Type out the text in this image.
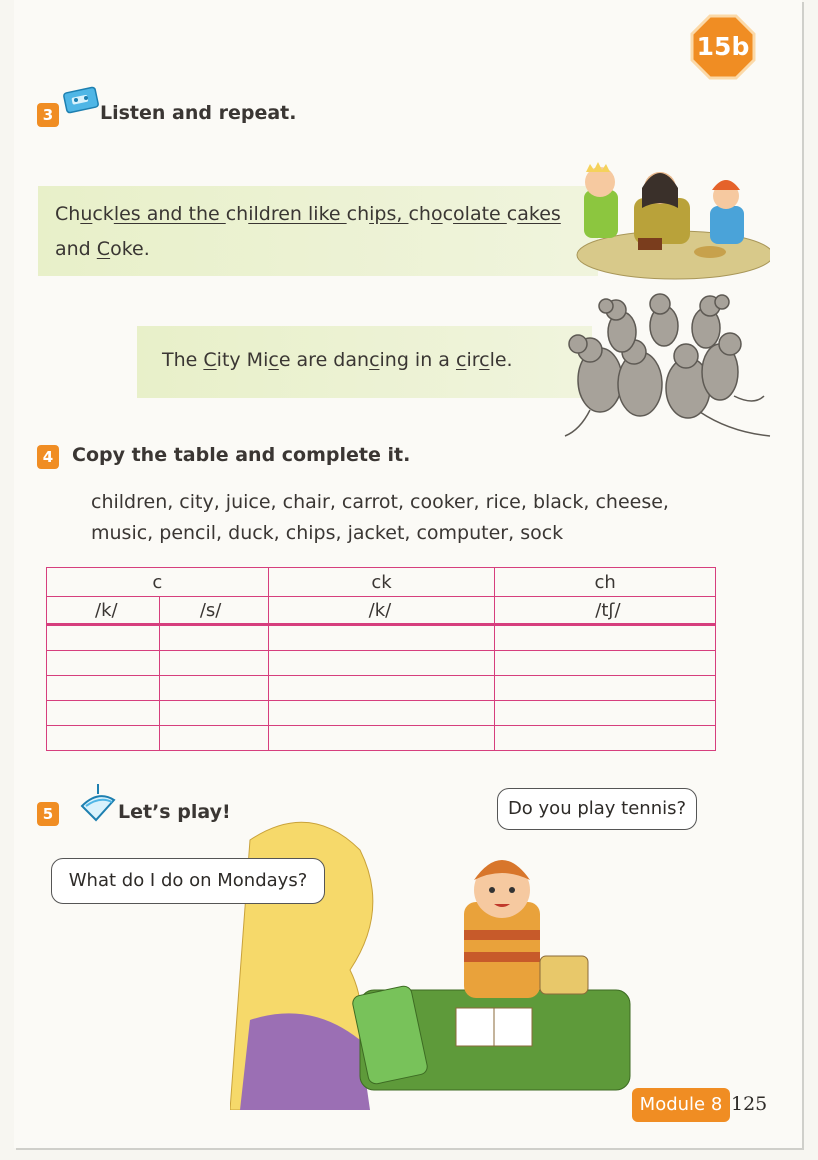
15b
3	Listen and repeat.
Chuckles and the children like chips, chocolate cakes
and Coke.
The City Mice are dancing in a circle.
4 Copy the table and complete it.
children, city, juice, chair, carrot, cooker, rice, black, cheese,
music, pencil, duck, chips, jacket, computer, sock
c		ck	ch
/k/	/s/	/k/	/tʃ/

5	Let’s play!
What do I do on Mondays?
Do you play tennis?
Module 8 125
